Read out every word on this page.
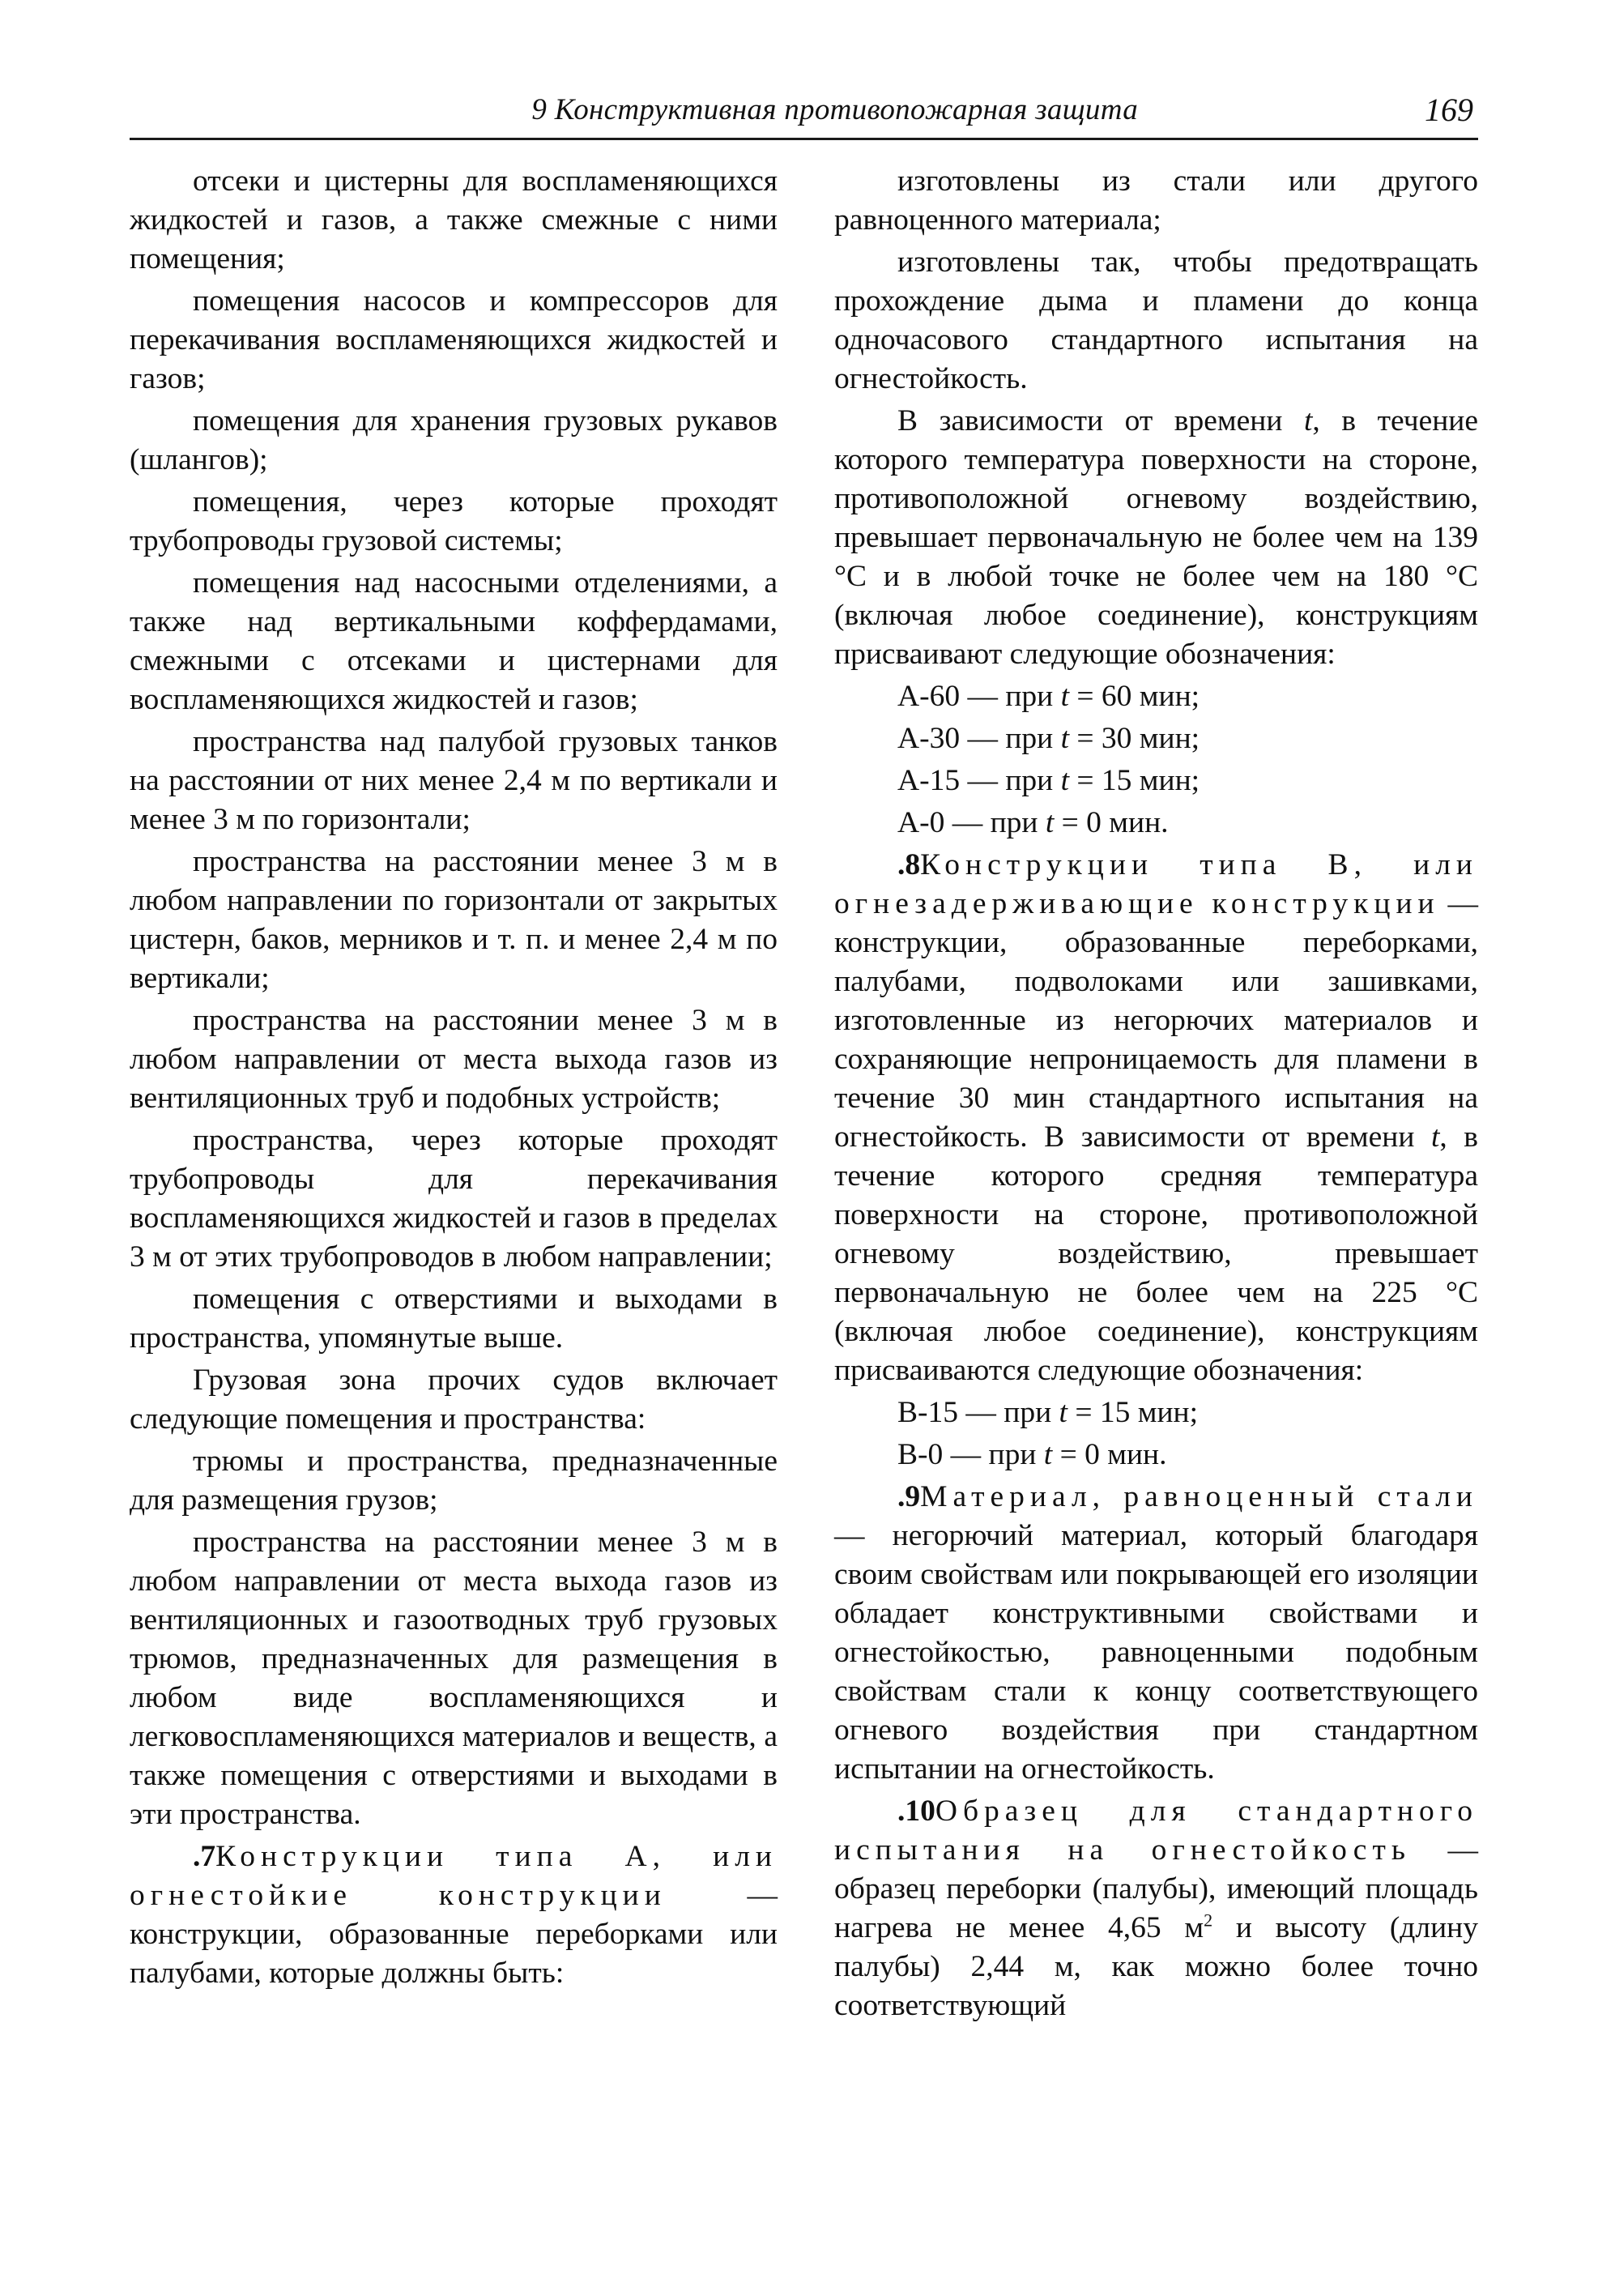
9 Конструктивная противопожарная защита	169

отсеки и цистерны для воспламеняющихся жидкостей и газов, а также смежные с ними помещения;

помещения насосов и компрессоров для перекачивания воспламеняющихся жидкостей и газов;

помещения для хранения грузовых рукавов (шлангов);

помещения, через которые проходят трубопроводы грузовой системы;

помещения над насосными отделениями, а также над вертикальными коффердамами, смежными с отсеками и цистернами для воспламеняющихся жидкостей и газов;

пространства над палубой грузовых танков на расстоянии от них менее 2,4 м по вертикали и менее 3 м по горизонтали;

пространства на расстоянии менее 3 м в любом направлении по горизонтали от закрытых цистерн, баков, мерников и т. п. и менее 2,4 м по вертикали;

пространства на расстоянии менее 3 м в любом направлении от места выхода газов из вентиляционных труб и подобных устройств;

пространства, через которые проходят трубопроводы для перекачивания воспламеняющихся жидкостей и газов в пределах 3 м от этих трубопроводов в любом направлении;

помещения с отверстиями и выходами в пространства, упомянутые выше.

Грузовая зона прочих судов включает следующие помещения и пространства:

трюмы и пространства, предназначенные для размещения грузов;

пространства на расстоянии менее 3 м в любом направлении от места выхода газов из вентиляционных и газоотводных труб грузовых трюмов, предназначенных для размещения в любом виде воспламеняющихся и легковоспламеняющихся материалов и веществ, а также помещения с отверстиями и выходами в эти пространства.

.7Конструкции типа А, или огнестойкие конструкции — конструкции, образованные переборками или палубами, которые должны быть:

изготовлены из стали или другого равноценного материала;

изготовлены так, чтобы предотвращать прохождение дыма и пламени до конца одночасового стандартного испытания на огнестойкость.

В зависимости от времени t, в течение которого температура поверхности на стороне, противоположной огневому воздействию, превышает первоначальную не более чем на 139 °С и в любой точке не более чем на 180 °С (включая любое соединение), конструкциям присваивают следующие обозначения:

А-60 — при t = 60 мин;

А-30 — при t = 30 мин;

А-15 — при t = 15 мин;

А-0 — при t = 0 мин.

.8Конструкции типа В, или огнезадерживающие конструкции — конструкции, образованные переборками, палубами, подволоками или зашивками, изготовленные из негорючих материалов и сохраняющие непроницаемость для пламени в течение 30 мин стандартного испытания на огнестойкость. В зависимости от времени t, в течение которого средняя температура поверхности на стороне, противоположной огневому воздействию, превышает первоначальную не более чем на 225 °С (включая любое соединение), конструкциям присваиваются следующие обозначения:

В-15 — при t = 15 мин;

В-0 — при t = 0 мин.

.9Материал, равноценный стали — негорючий материал, который благодаря своим свойствам или покрывающей его изоляции обладает конструктивными свойствами и огнестойкостью, равноценными подобным свойствам стали к концу соответствующего огневого воздействия при стандартном испытании на огнестойкость.

.10Образец для стандартного испытания на огнестойкость — образец переборки (палубы), имеющий площадь нагрева не менее 4,65 $м^2$ и высоту (длину палубы) 2,44 м, как можно более точно соответствующий
